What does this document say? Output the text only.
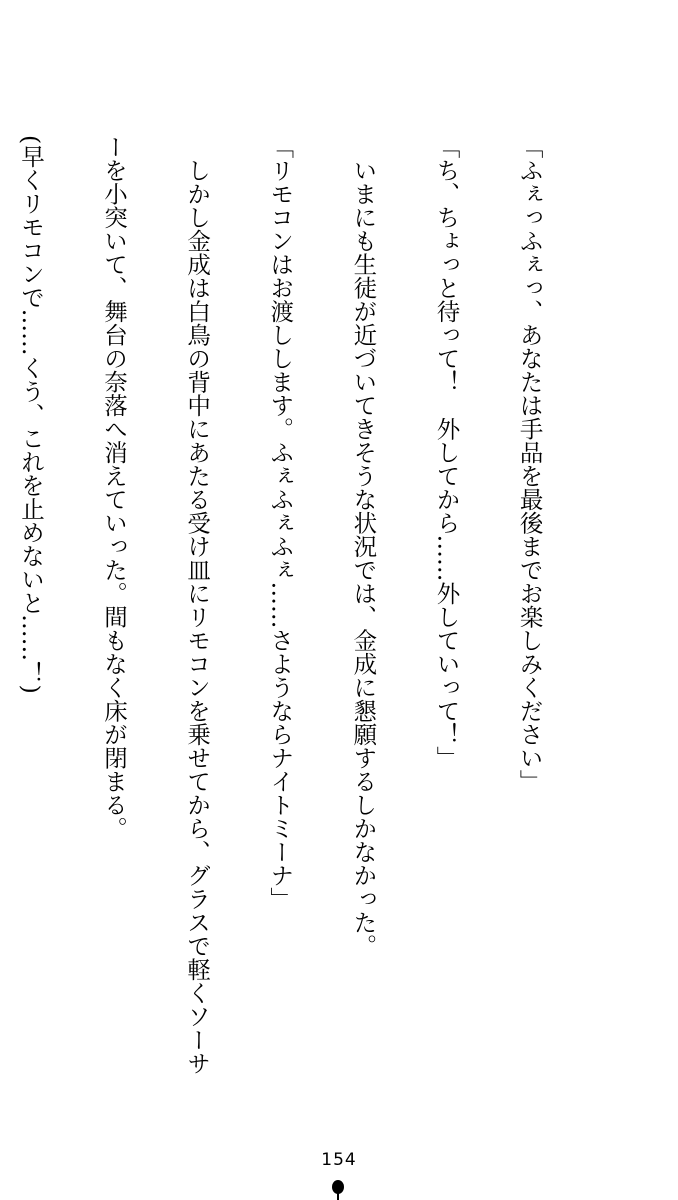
「ふぇっふぇっ、あなたは手品を最後までお楽しみください」

「ち、ちょっと待って！　外してから……外していって！」

　いまにも生徒が近づいてきそうな状況では、金成に懇願するしかなかった。

「リモコンはお渡しします。ふぇふぇふぇ……さようならナイトミーナ」

　しかし金成は白鳥の背中にあたる受け皿にリモコンを乗せてから、グラスで軽くソーサ

ーを小突いて、舞台の奈落へ消えていった。間もなく床が閉まる。

(早くリモコンで……くう、これを止めないと……！)

154
